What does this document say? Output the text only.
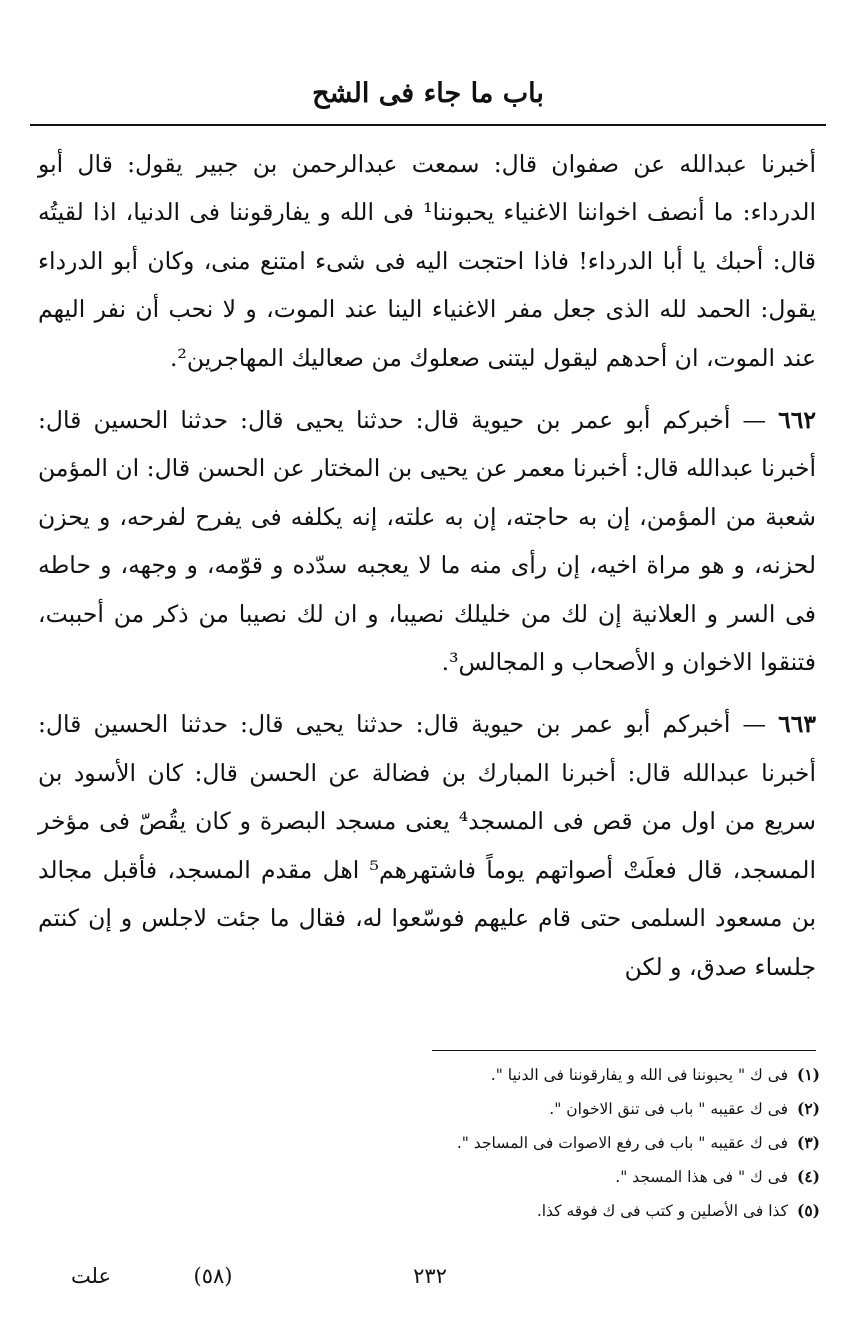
باب ما جاء فى الشح

أخبرنا عبدالله عن صفوان قال: سمعت عبدالرحمن بن جبير يقول: قال أبو الدرداء: ما أنصف اخواننا الاغنياء يحبوننا¹ فى الله و يفارقوننا فى الدنيا، اذا لقيتُه قال: أحبك يا أبا الدرداء! فاذا احتجت اليه فى شىء امتنع منى، وكان أبو الدرداء يقول: الحمد لله الذى جعل مفر الاغنياء الينا عند الموت، و لا نحب أن نفر اليهم عند الموت، ان أحدهم ليقول ليتنى صعلوك من صعاليك المهاجرين².

٦٦٢ — أخبركم أبو عمر بن حيوية قال: حدثنا يحيى قال: حدثنا الحسين قال: أخبرنا عبدالله قال: أخبرنا معمر عن يحيى بن المختار عن الحسن قال: ان المؤمن شعبة من المؤمن، إن به حاجته، إن به علته، إنه يكلفه فى يفرح لفرحه، و يحزن لحزنه، و هو مراة اخيه، إن رأى منه ما لا يعجبه سدّده و قوّمه، و وجهه، و حاطه فى السر و العلانية إن لك من خليلك نصيبا، و ان لك نصيبا من ذكر من أحببت، فتنقوا الاخوان و الأصحاب و المجالس³.

٦٦٣ — أخبركم أبو عمر بن حيوية قال: حدثنا يحيى قال: حدثنا الحسين قال: أخبرنا عبدالله قال: أخبرنا المبارك بن فضالة عن الحسن قال: كان الأسود بن سريع من اول من قص فى المسجد⁴ يعنى مسجد البصرة و كان يقُصّ فى مؤخر المسجد، قال فعلَتْ أصواتهم يوماً فاشتهرهم⁵ اهل مقدم المسجد، فأقبل مجالد بن مسعود السلمى حتى قام عليهم فوسّعوا له، فقال ما جئت لاجلس و إن كنتم جلساء صدق، و لكن

(١) فى ك " يحبوننا فى الله و يفارقوننا فى الدنيا ".
(٢) فى ك عقيبه " باب فى تنق الاخوان ".
(٣) فى ك عقيبه " باب فى رفع الاصوات فى المساجد ".
(٤) فى ك " فى هذا المسجد ".
(٥) كذا فى الأصلين و كتب فى ك فوقه كذا.
٢٣٢
(٥٨)
علت
